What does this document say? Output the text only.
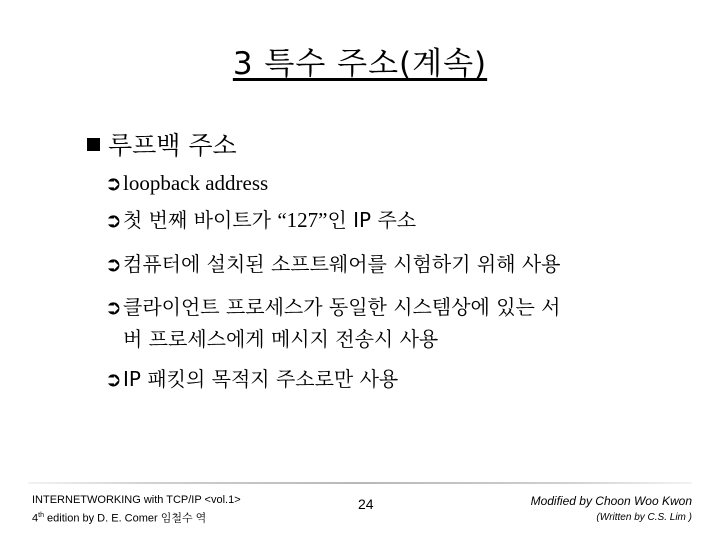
3 특수 주소(계속)
루프백 주소
➲loopback address
➲첫 번째 바이트가 “127”인 IP 주소
➲컴퓨터에 설치된 소프트웨어를 시험하기 위해 사용
➲클라이언트 프로세스가 동일한 시스템상에 있는 서
버 프로세스에게 메시지 전송시 사용
➲IP 패킷의 목적지 주소로만 사용
INTERNETWORKING with TCP/IP <vol.1>
4th edition by D. E. Comer 임철수 역
24	Modified by Choon Woo Kwon
(Written by C.S. Lim )
